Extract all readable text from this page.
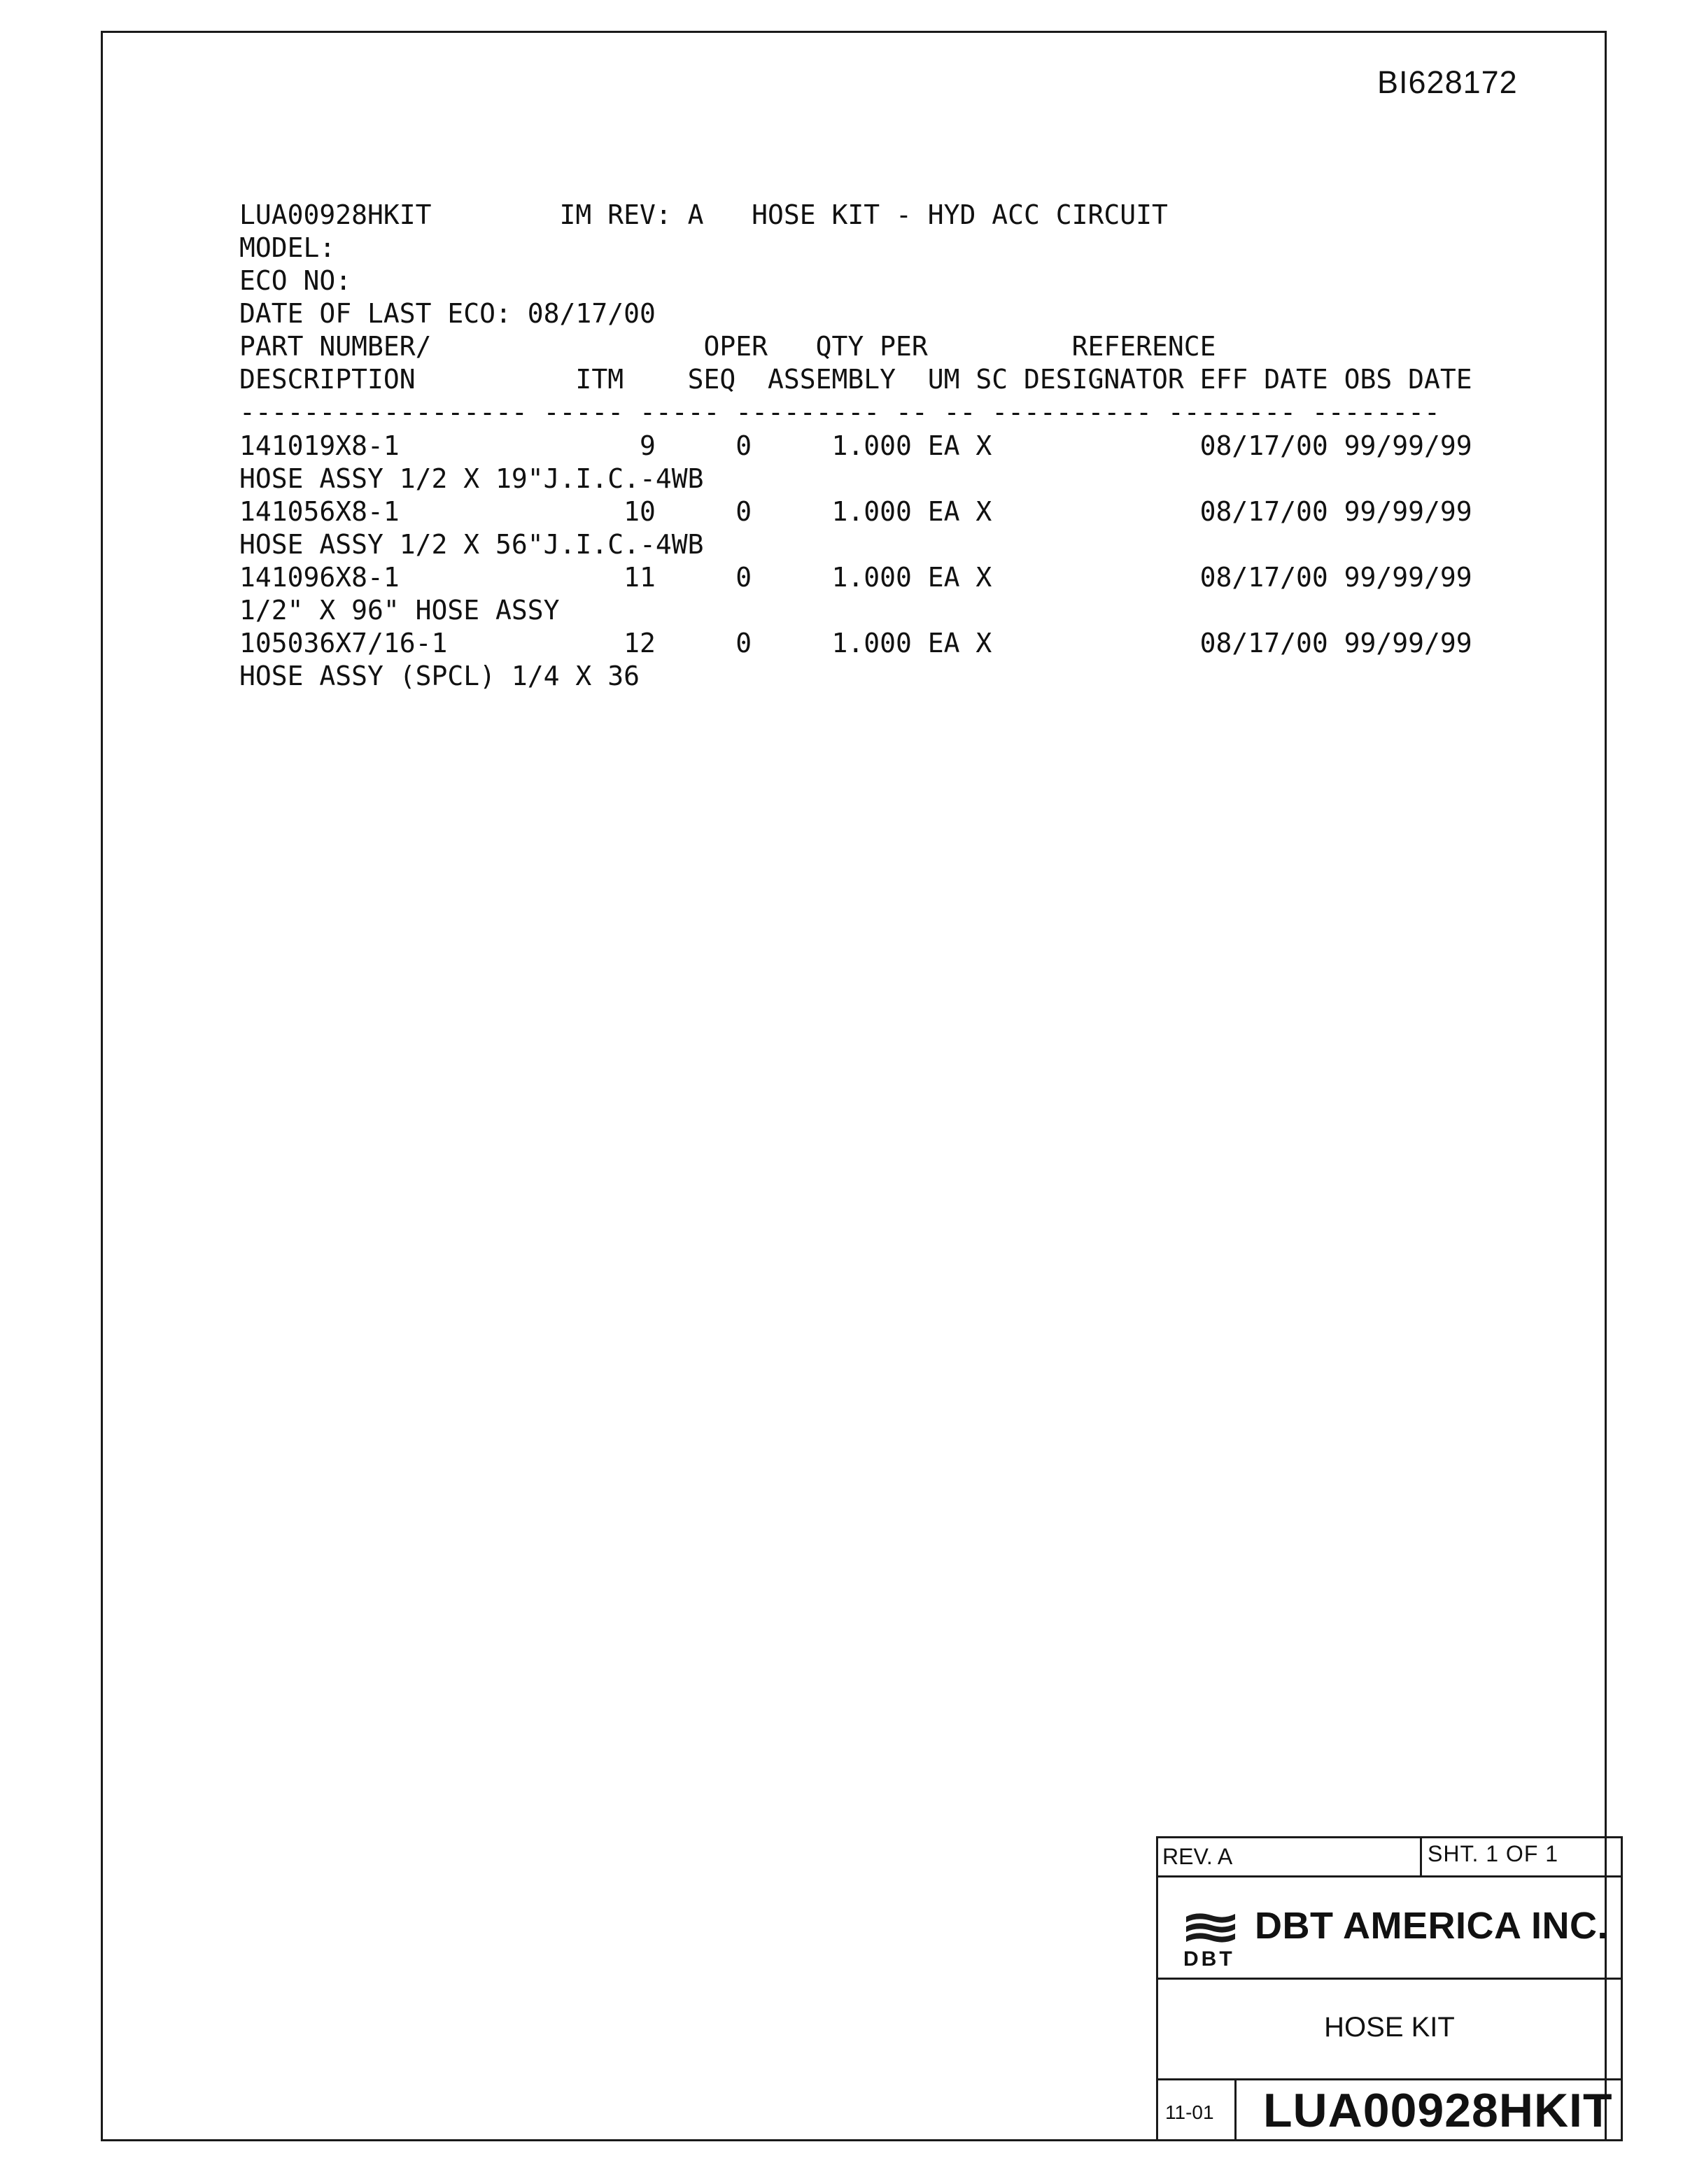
BI628172
LUA00928HKIT        IM REV: A   HOSE KIT - HYD ACC CIRCUIT
MODEL:
ECO NO:
DATE OF LAST ECO: 08/17/00
PART NUMBER/                 OPER   QTY PER         REFERENCE
DESCRIPTION          ITM    SEQ  ASSEMBLY  UM SC DESIGNATOR EFF DATE OBS DATE
------------------ ----- ----- --------- -- -- ---------- -------- --------
141019X8-1               9     0     1.000 EA X             08/17/00 99/99/99
HOSE ASSY 1/2 X 19"J.I.C.-4WB
141056X8-1              10     0     1.000 EA X             08/17/00 99/99/99
HOSE ASSY 1/2 X 56"J.I.C.-4WB
141096X8-1              11     0     1.000 EA X             08/17/00 99/99/99
1/2" X 96" HOSE ASSY
105036X7/16-1           12     0     1.000 EA X             08/17/00 99/99/99
HOSE ASSY (SPCL) 1/4 X 36
REV. A	SHT. 1 OF 1
DBT AMERICA INC.
DBT
HOSE KIT
11-01 LUA00928HKIT
